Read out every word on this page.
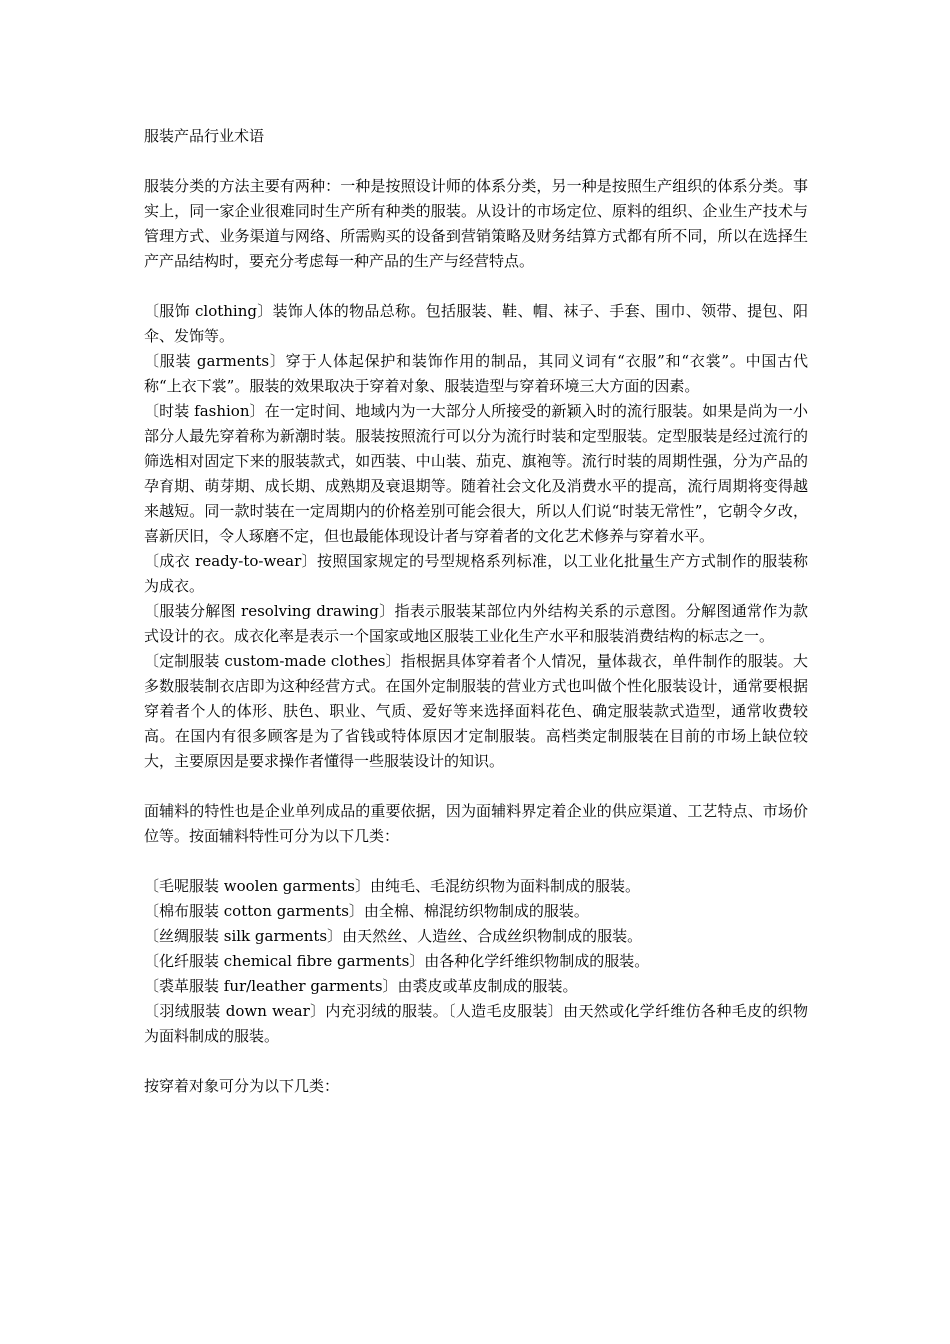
服装产品行业术语

服装分类的方法主要有两种：一种是按照设计师的体系分类，另一种是按照生产组织的体系分类。事实上，同一家企业很难同时生产所有种类的服装。从设计的市场定位、原料的组织、企业生产技术与管理方式、业务渠道与网络、所需购买的设备到营销策略及财务结算方式都有所不同，所以在选择生产产品结构时，要充分考虑每一种产品的生产与经营特点。

〔服饰 clothing〕装饰人体的物品总称。包括服装、鞋、帽、袜子、手套、围巾、领带、提包、阳伞、发饰等。

〔服装 garments〕穿于人体起保护和装饰作用的制品，其同义词有“衣服”和“衣裳”。中国古代称“上衣下裳”。服装的效果取决于穿着对象、服装造型与穿着环境三大方面的因素。

〔时装 fashion〕在一定时间、地域内为一大部分人所接受的新颖入时的流行服装。如果是尚为一小部分人最先穿着称为新潮时装。服装按照流行可以分为流行时装和定型服装。定型服装是经过流行的筛选相对固定下来的服装款式，如西装、中山装、茄克、旗袍等。流行时装的周期性强，分为产品的孕育期、萌芽期、成长期、成熟期及衰退期等。随着社会文化及消费水平的提高，流行周期将变得越来越短。同一款时装在一定周期内的价格差别可能会很大，所以人们说“时装无常性”，它朝令夕改，喜新厌旧，令人琢磨不定，但也最能体现设计者与穿着者的文化艺术修养与穿着水平。

〔成衣 ready-to-wear〕按照国家规定的号型规格系列标准，以工业化批量生产方式制作的服装称为成衣。

〔服装分解图 resolving drawing〕指表示服装某部位内外结构关系的示意图。分解图通常作为款式设计的衣。成衣化率是表示一个国家或地区服装工业化生产水平和服装消费结构的标志之一。

〔定制服装 custom-made clothes〕指根据具体穿着者个人情况，量体裁衣，单件制作的服装。大多数服装制衣店即为这种经营方式。在国外定制服装的营业方式也叫做个性化服装设计，通常要根据穿着者个人的体形、肤色、职业、气质、爱好等来选择面料花色、确定服装款式造型，通常收费较高。在国内有很多顾客是为了省钱或特体原因才定制服装。高档类定制服装在目前的市场上缺位较大，主要原因是要求操作者懂得一些服装设计的知识。

面辅料的特性也是企业单列成品的重要依据，因为面辅料界定着企业的供应渠道、工艺特点、市场价位等。按面辅料特性可分为以下几类：

〔毛呢服装 woolen garments〕由纯毛、毛混纺织物为面料制成的服装。

〔棉布服装 cotton garments〕由全棉、棉混纺织物制成的服装。

〔丝绸服装 silk garments〕由天然丝、人造丝、合成丝织物制成的服装。

〔化纤服装 chemical fibre garments〕由各种化学纤维织物制成的服装。

〔裘革服装 fur/leather garments〕由裘皮或革皮制成的服装。

〔羽绒服装 down wear〕内充羽绒的服装。〔人造毛皮服装〕由天然或化学纤维仿各种毛皮的织物为面料制成的服装。

按穿着对象可分为以下几类：
